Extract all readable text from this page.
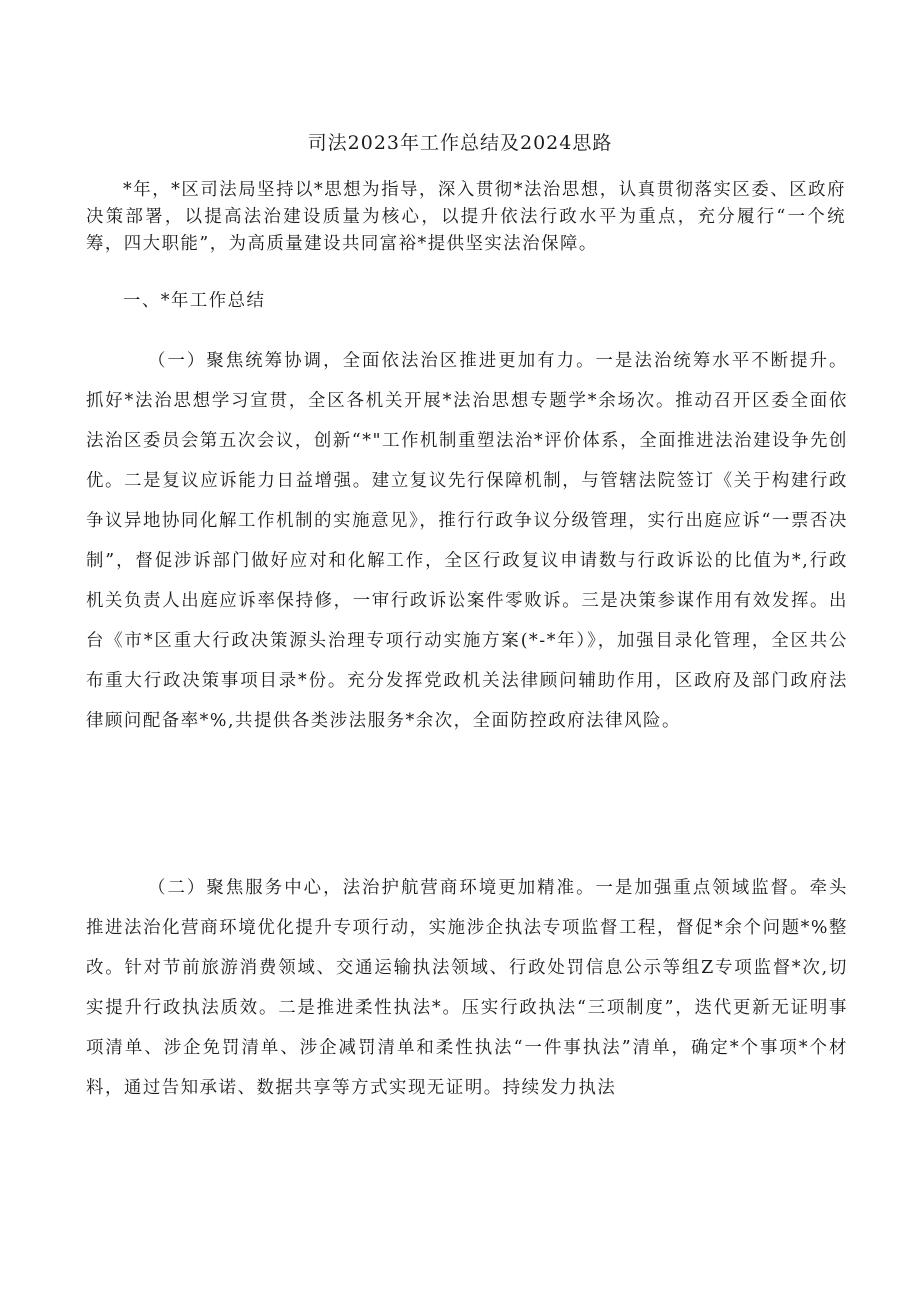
司法2023年工作总结及2024思路
*年，*区司法局坚持以*思想为指导，深入贯彻*法治思想，认真贯彻落实区委、区政府决策部署，以提高法治建设质量为核心，以提升依法行政水平为重点，充分履行“一个统筹，四大职能”，为高质量建设共同富裕*提供坚实法治保障。
一、*年工作总结
（一）聚焦统筹协调，全面依法治区推进更加有力。一是法治统筹水平不断提升。抓好*法治思想学习宣贯，全区各机关开展*法治思想专题学*余场次。推动召开区委全面依法治区委员会第五次会议，创新“*"工作机制重塑法治*评价体系，全面推进法治建设争先创优。二是复议应诉能力日益增强。建立复议先行保障机制，与管辖法院签订《关于构建行政争议异地协同化解工作机制的实施意见》，推行行政争议分级管理，实行出庭应诉“一票否决制”，督促涉诉部门做好应对和化解工作，全区行政复议申请数与行政诉讼的比值为*,行政机关负责人出庭应诉率保持修，一审行政诉讼案件零败诉。三是决策参谋作用有效发挥。出台《市*区重大行政决策源头治理专项行动实施方案(*-*年）》，加强目录化管理，全区共公布重大行政决策事项目录*份。充分发挥党政机关法律顾问辅助作用，区政府及部门政府法律顾问配备率*%,共提供各类涉法服务*余次，全面防控政府法律风险。
（二）聚焦服务中心，法治护航营商环境更加精准。一是加强重点领域监督。牵头推进法治化营商环境优化提升专项行动，实施涉企执法专项监督工程，督促*余个问题*%整改。针对节前旅游消费领域、交通运输执法领域、行政处罚信息公示等组Z专项监督*次,切实提升行政执法质效。二是推进柔性执法*。压实行政执法“三项制度”，迭代更新无证明事项清单、涉企免罚清单、涉企减罚清单和柔性执法“一件事执法”清单，确定*个事项*个材料，通过告知承诺、数据共享等方式实现无证明。持续发力执法
